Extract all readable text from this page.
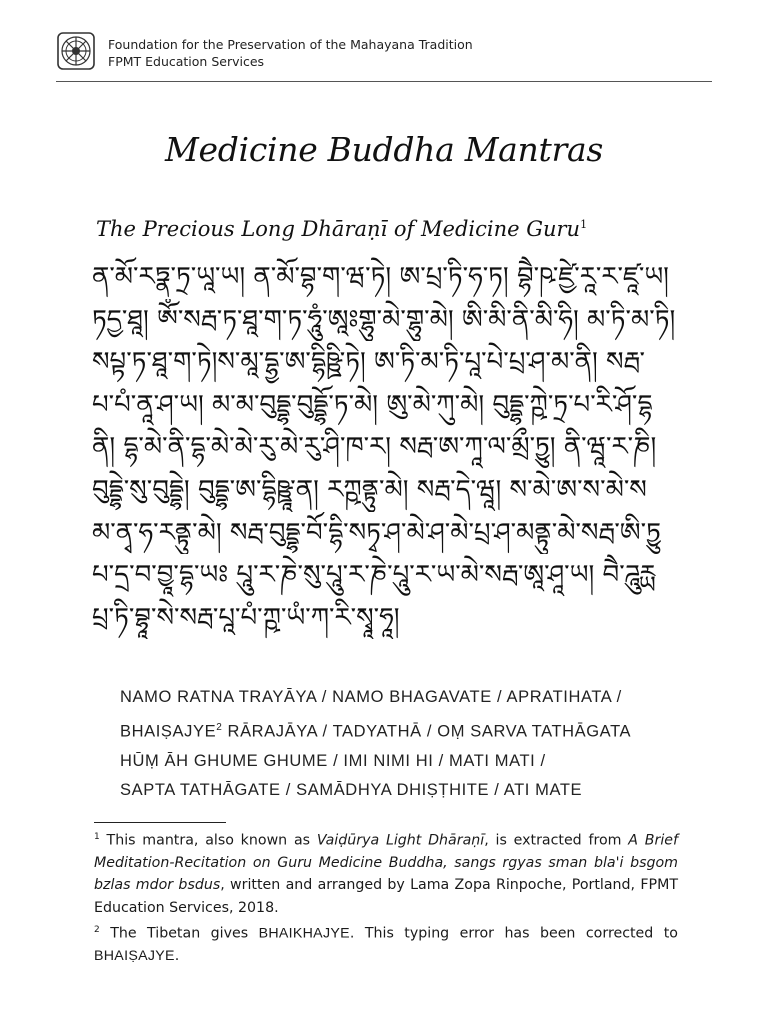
Foundation for the Preservation of the Mahayana Tradition
FPMT Education Services
Medicine Buddha Mantras
The Precious Long Dhāraṇī of Medicine Guru$^1$
ན་མོ་རཏྣ་ཏྲ་ཡཱ་ཡ། ན་མོ་བྷ་ག་ཝ་ཏེ། ཨ་པྲ་ཏི་ཧ་ཏ། བྷཻ་ཥ་ཛྱེ་ཪཱ་ར་ཛཱ་ཡ།
ཏདྱ་ཐཱ། ཨོཾ་སརྦ་ཏ་ཐཱ་ག་ཏ་ཧཱུཾ་ཨཱཿགྷུ་མེ་གྷུ་མེ། ཨི་མི་ནི་མི་ཧི། མ་ཏི་མ་ཏི།
སཔྟ་ཏ་ཐཱ་ག་ཏེ།ས་མཱ་དྷྱ་ཨ་དྷིཥྛི་ཏེ། ཨ་ཏི་མ་ཏི་པཱ་པེ་པྲ་ཤ་མ་ནི། སརྦ་
པ་པཾ་ནཱ་ཤ་ཡ། མ་མ་བུདྡྷ་བུདྡྷོ་ཏ་མེ། ཨུ་མེ་ཀུ་མེ། བུདྡྷ་ཀྵེ་ཏྲ་པ་རི་ཤོ་དྷ
ནི། དྷ་མེ་ནི་དྷ་མེ་མེ་རུ་མེ་རུ་ཤི་ཁ་ར། སརྦ་ཨ་ཀཱ་ལ་མྲྀ་ཏྱུ། ནི་ཝཱ་ར་ཎི།
བུདྡྷེ་སུ་བུདྡྷེ། བུདྡྷ་ཨ་དྷིཥྛཱ་ན། རཀྵནྟུ་མེ། སརྦ་དེ་ཝཱ། ས་མེ་ཨ་ས་མེ་ས
མ་ནྭ་ཧ་རནྟུ་མེ། སརྦ་བུདྡྷ་བོ་དྷི་སཏྭ་ཤ་མེ་ཤ་མེ་པྲ་ཤ་མནྟུ་མེ་སརྦ་ཨི་ཏྱུ
པ་དྲ་བ་བྱཱ་དྷ་ཡཿ པཱུ་ར་ཎེ་སུ་པཱུ་ར་ཎེ་པཱུ་ར་ཡ་མེ་སརྦ་ཨཱ་ཤཱ་ཡ། བཻ་ཌཱུརྻ
པྲ་ཏི་བྷཱ་སེ་སརྦ་པཱ་པཾ་ཀྵ་ཡཾ་ཀ་རི་སྭཱ་ཧཱ།
NAMO RATNA TRAYĀYA / NAMO BHAGAVATE / APRATIHATA /
BHAIṢAJYE$^2$ RĀRAJĀYA / TADYATHĀ / OṂ SARVA TATHĀGATA
HŪṂ ĀH GHUME GHUME / IMI NIMI HI / MATI MATI /
SAPTA TATHĀGATE / SAMĀDHYA DHIṢṬHITE / ATI MATE

$^1$ This mantra, also known as Vaiḍūrya Light Dhāraṇī, is extracted from A Brief Meditation-Recitation on Guru Medicine Buddha, sangs rgyas sman bla'i bsgom bzlas mdor bsdus, written and arranged by Lama Zopa Rinpoche, Portland, FPMT Education Services, 2018.

$^2$ The Tibetan gives BHAIKHAJYE. This typing error has been corrected to BHAIṢAJYE.
